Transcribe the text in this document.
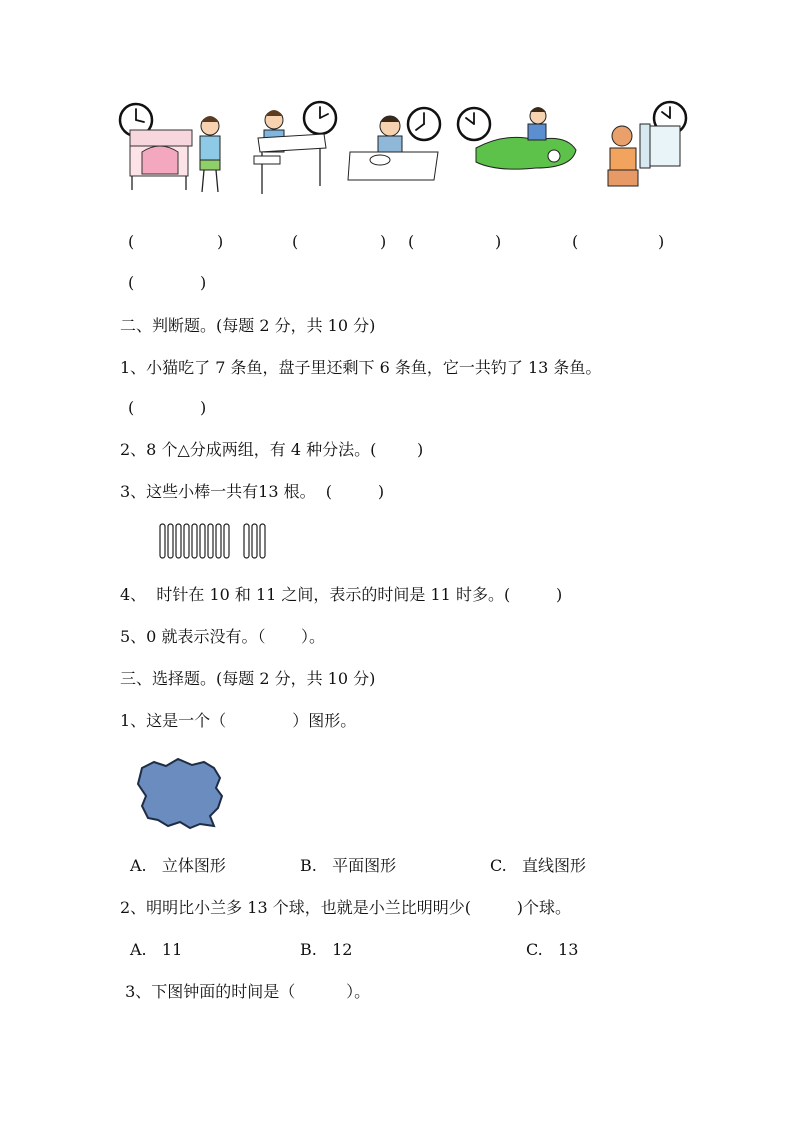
(	)	(	) (	)	(	)
(	)
二、判断题。(每题 2 分，共 10 分)
1、小猫吃了 7 条鱼，盘子里还剩下 6 条鱼，它一共钓了 13 条鱼。
(	)
2、8 个△分成两组，有 4 种分法。(        )
3、这些小棒一共有13 根。  (         )
4、  时针在 10 和 11 之间，表示的时间是 11 时多。(         )
5、0 就表示没有。（       ）。
三、选择题。(每题 2 分，共 10 分)
1、这是一个（             ）图形。
A.   立体图形	B.   平面图形	C.   直线图形
2、明明比小兰多 13 个球，也就是小兰比明明少(         )个球。
A.   11	B.   12	C.   13
3、下图钟面的时间是（          ）。
